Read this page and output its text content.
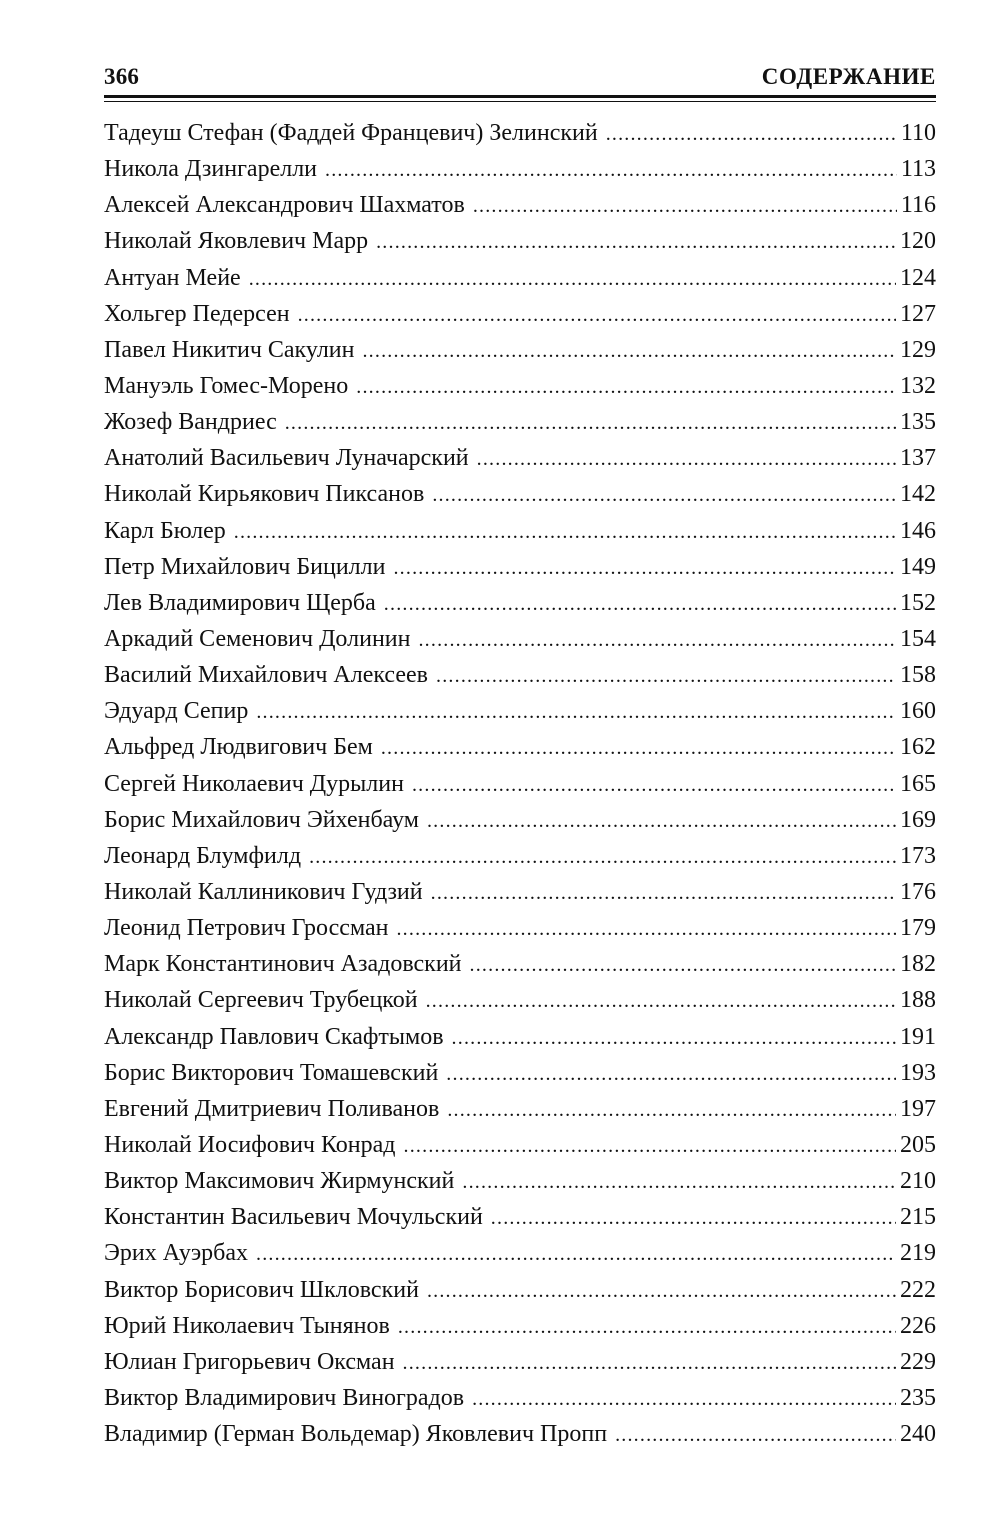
366	СОДЕРЖАНИЕ
Тадеуш Стефан (Фаддей Францевич) Зелинский .....	110
Никола Дзингарелли .....	113
Алексей Александрович Шахматов .....	116
Николай Яковлевич Марр .....	120
Антуан Мейе .....	124
Хольгер Педерсен .....	127
Павел Никитич Сакулин .....	129
Мануэль Гомес-Морено .....	132
Жозеф Вандриес .....	135
Анатолий Васильевич Луначарский .....	137
Николай Кирьякович Пиксанов .....	142
Карл Бюлер .....	146
Петр Михайлович Бицилли .....	149
Лев Владимирович Щерба .....	152
Аркадий Семенович Долинин .....	154
Василий Михайлович Алексеев .....	158
Эдуард Сепир .....	160
Альфред Людвигович Бем .....	162
Сергей Николаевич Дурылин .....	165
Борис Михайлович Эйхенбаум .....	169
Леонард Блумфилд .....	173
Николай Каллиникович Гудзий .....	176
Леонид Петрович Гроссман .....	179
Марк Константинович Азадовский .....	182
Николай Сергеевич Трубецкой .....	188
Александр Павлович Скафтымов .....	191
Борис Викторович Томашевский .....	193
Евгений Дмитриевич Поливанов .....	197
Николай Иосифович Конрад .....	205
Виктор Максимович Жирмунский .....	210
Константин Васильевич Мочульский .....	215
Эрих Ауэрбах .....	219
Виктор Борисович Шкловский .....	222
Юрий Николаевич Тынянов .....	226
Юлиан Григорьевич Оксман .....	229
Виктор Владимирович Виноградов .....	235
Владимир (Герман Вольдемар) Яковлевич Пропп .....	240
